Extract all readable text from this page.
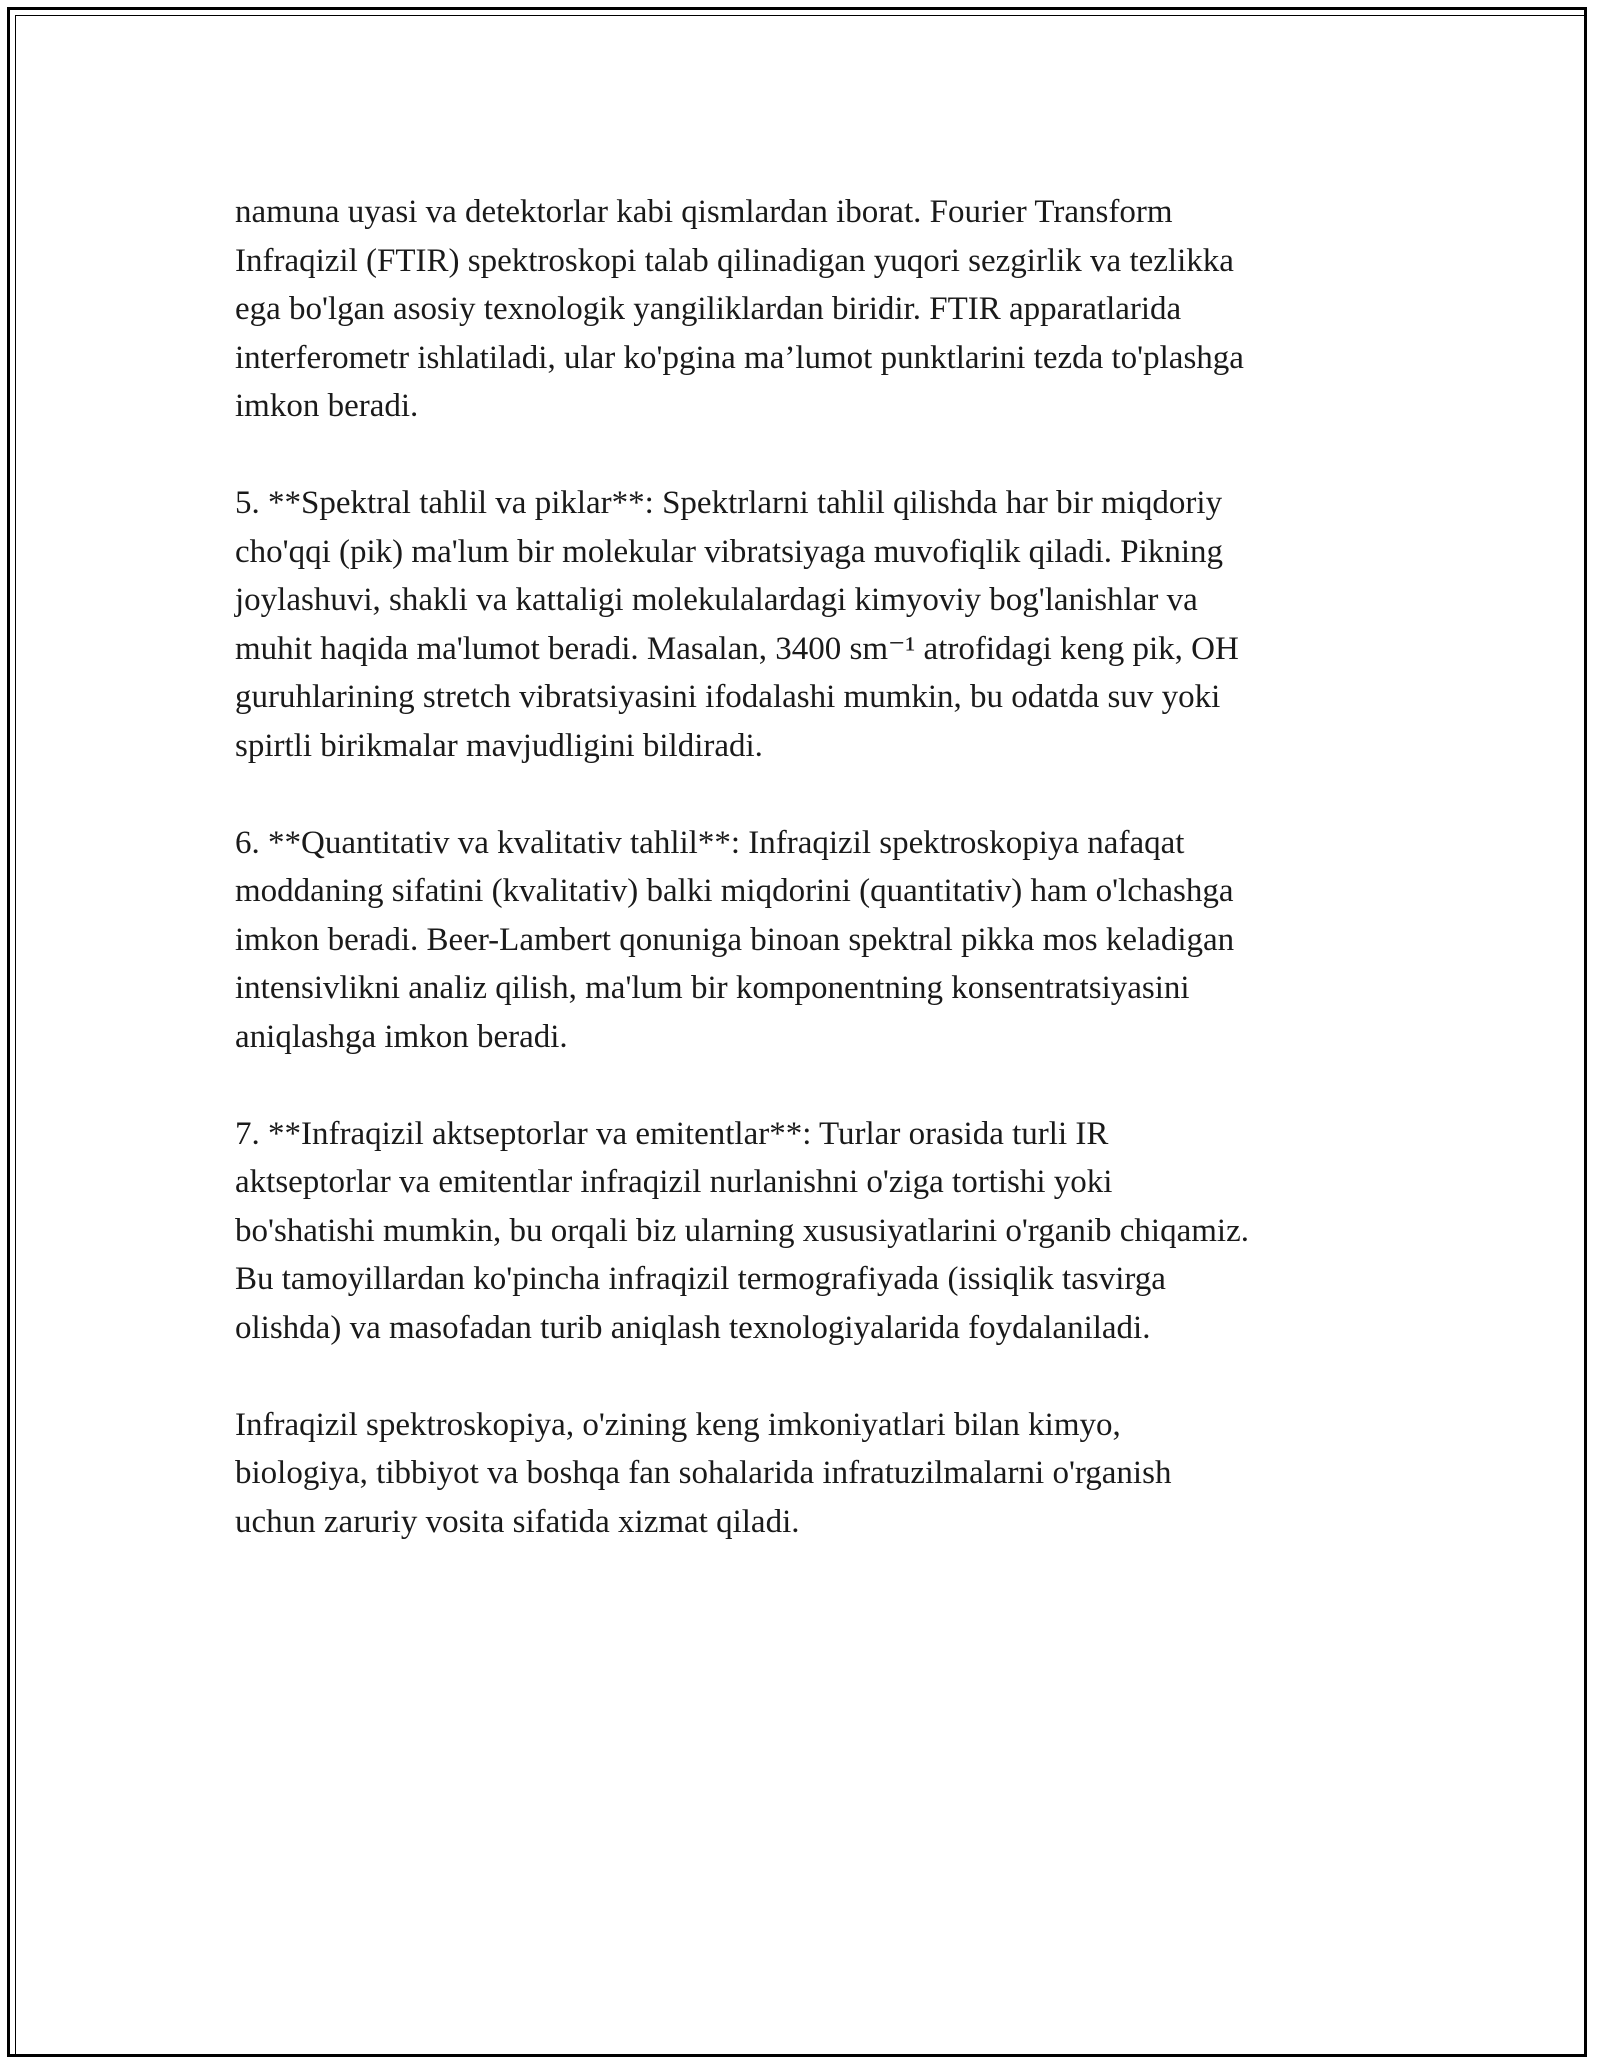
namuna uyasi va detektorlar kabi qismlardan iborat. Fourier Transform
Infraqizil (FTIR) spektroskopi talab qilinadigan yuqori sezgirlik va tezlikka
ega bo'lgan asosiy texnologik yangiliklardan biridir. FTIR apparatlarida
interferometr ishlatiladi, ular ko'pgina ma’lumot punktlarini tezda to'plashga
imkon beradi.

5. **Spektral tahlil va piklar**: Spektrlarni tahlil qilishda har bir miqdoriy
cho'qqi (pik) ma'lum bir molekular vibratsiyaga muvofiqlik qiladi. Pikning
joylashuvi, shakli va kattaligi molekulalardagi kimyoviy bog'lanishlar va
muhit haqida ma'lumot beradi. Masalan, 3400 sm⁻¹ atrofidagi keng pik, OH
guruhlarining stretch vibratsiyasini ifodalashi mumkin, bu odatda suv yoki
spirtli birikmalar mavjudligini bildiradi.

6. **Quantitativ va kvalitativ tahlil**: Infraqizil spektroskopiya nafaqat
moddaning sifatini (kvalitativ) balki miqdorini (quantitativ) ham o'lchashga
imkon beradi. Beer-Lambert qonuniga binoan spektral pikka mos keladigan
intensivlikni analiz qilish, ma'lum bir komponentning konsentratsiyasini
aniqlashga imkon beradi.

7. **Infraqizil aktseptorlar va emitentlar**: Turlar orasida turli IR
aktseptorlar va emitentlar infraqizil nurlanishni o'ziga tortishi yoki
bo'shatishi mumkin, bu orqali biz ularning xususiyatlarini o'rganib chiqamiz.
Bu tamoyillardan ko'pincha infraqizil termografiyada (issiqlik tasvirga
olishda) va masofadan turib aniqlash texnologiyalarida foydalaniladi.

Infraqizil spektroskopiya, o'zining keng imkoniyatlari bilan kimyo,
biologiya, tibbiyot va boshqa fan sohalarida infratuzilmalarni o'rganish
uchun zaruriy vosita sifatida xizmat qiladi.
